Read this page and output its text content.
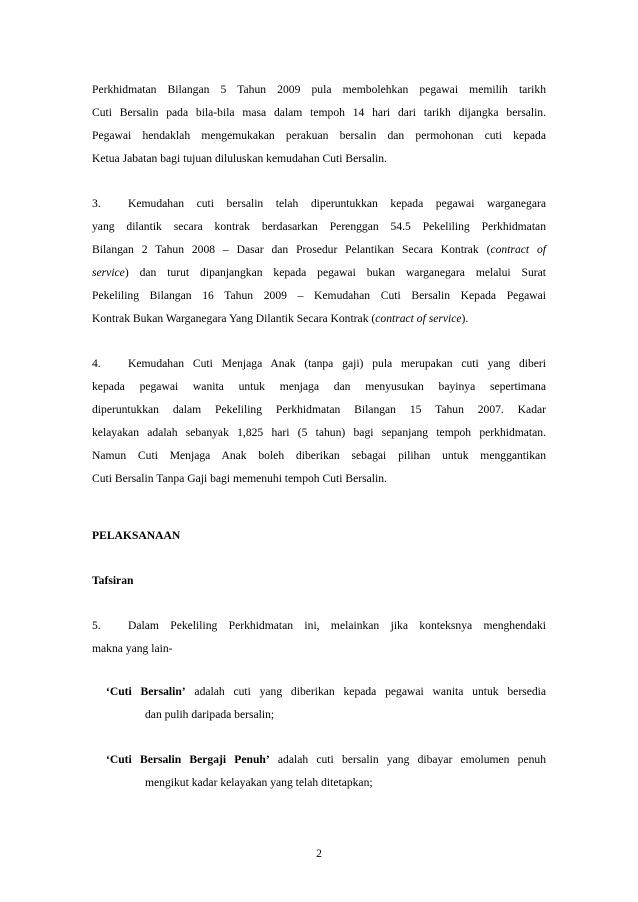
Perkhidmatan Bilangan 5 Tahun 2009 pula membolehkan pegawai memilih tarikh
Cuti Bersalin pada bila-bila masa dalam tempoh 14 hari dari tarikh dijangka bersalin.
Pegawai hendaklah mengemukakan perakuan bersalin dan permohonan cuti kepada
Ketua Jabatan bagi tujuan diluluskan kemudahan Cuti Bersalin.
3. Kemudahan cuti bersalin telah diperuntukkan kepada pegawai warganegara
yang dilantik secara kontrak berdasarkan Perenggan 54.5 Pekeliling Perkhidmatan
Bilangan 2 Tahun 2008 – Dasar dan Prosedur Pelantikan Secara Kontrak (contract of
service) dan turut dipanjangkan kepada pegawai bukan warganegara melalui Surat
Pekeliling Bilangan 16 Tahun 2009 – Kemudahan Cuti Bersalin Kepada Pegawai
Kontrak Bukan Warganegara Yang Dilantik Secara Kontrak (contract of service).
4. Kemudahan Cuti Menjaga Anak (tanpa gaji) pula merupakan cuti yang diberi
kepada pegawai wanita untuk menjaga dan menyusukan bayinya sepertimana
diperuntukkan dalam Pekeliling Perkhidmatan Bilangan 15 Tahun 2007. Kadar
kelayakan adalah sebanyak 1,825 hari (5 tahun) bagi sepanjang tempoh perkhidmatan.
Namun Cuti Menjaga Anak boleh diberikan sebagai pilihan untuk menggantikan
Cuti Bersalin Tanpa Gaji bagi memenuhi tempoh Cuti Bersalin.
PELAKSANAAN
Tafsiran
5. Dalam Pekeliling Perkhidmatan ini, melainkan jika konteksnya menghendaki
makna yang lain-
‘Cuti Bersalin’ adalah cuti yang diberikan kepada pegawai wanita untuk bersedia
dan pulih daripada bersalin;
‘Cuti Bersalin Bergaji Penuh’ adalah cuti bersalin yang dibayar emolumen penuh
mengikut kadar kelayakan yang telah ditetapkan;
2
